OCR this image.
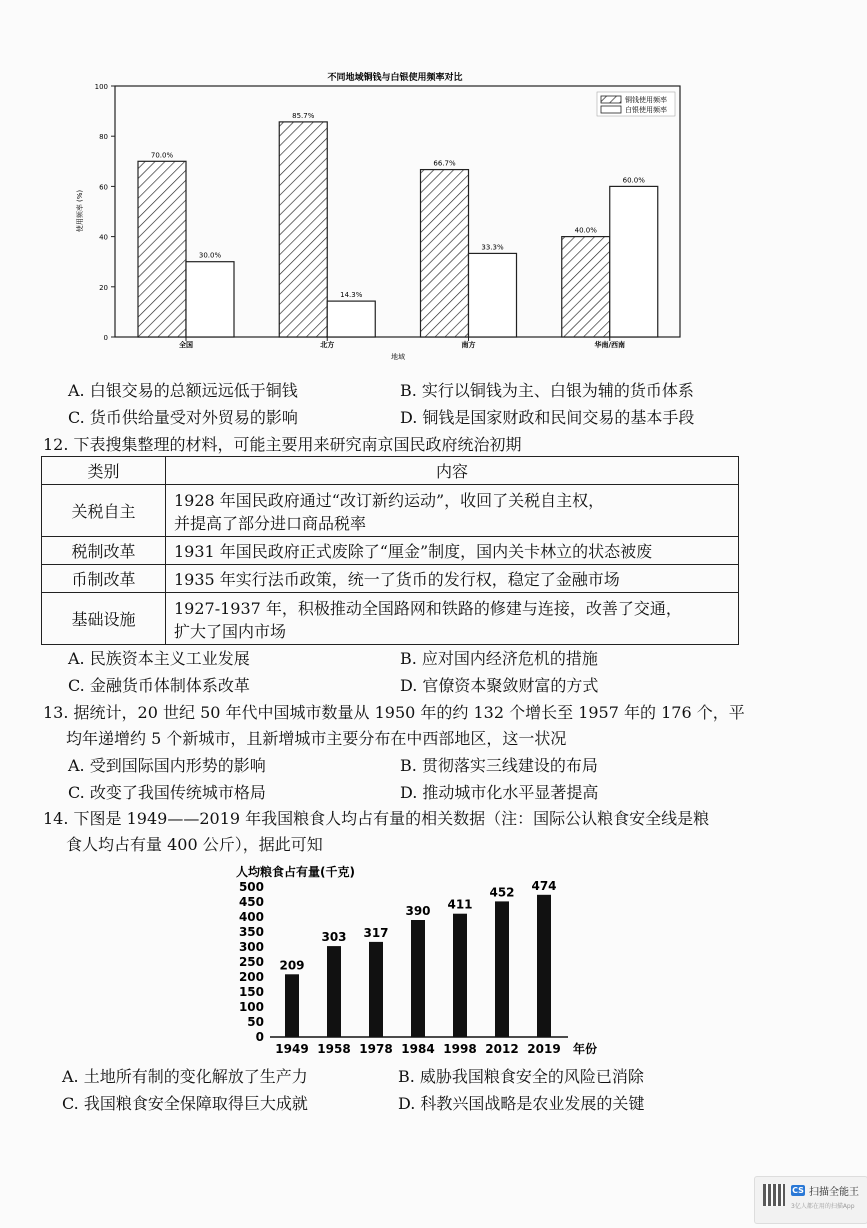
不同地域铜钱与白银使用频率对比
0
20
40
60
80
100
70.0%
30.0%
85.7%
14.3%
66.7%
33.3%
40.0%
60.0%
全国	北方	南方	华南/西南
使用频率 (%)
地域
铜钱使用频率
白银使用频率
A. 白银交易的总额远远低于铜钱	B. 实行以铜钱为主、白银为辅的货币体系
C. 货币供给量受对外贸易的影响	D. 铜钱是国家财政和民间交易的基本手段
12. 下表搜集整理的材料，可能主要用来研究南京国民政府统治初期
类别	内容
关税自主	1928 年国民政府通过“改订新约运动”，收回了关税自主权，
并提高了部分进口商品税率

税制改革	1931 年国民政府正式废除了“厘金”制度，国内关卡林立的状态被废

币制改革	1935 年实行法币政策，统一了货币的发行权，稳定了金融市场

基础设施	1927-1937 年，积极推动全国路网和铁路的修建与连接，改善了交通，
扩大了国内市场
A. 民族资本主义工业发展	B. 应对国内经济危机的措施
C. 金融货币体制体系改革	D. 官僚资本聚敛财富的方式
13. 据统计，20 世纪 50 年代中国城市数量从 1950 年的约 132 个增长至 1957 年的 176 个，平
均年递增约 5 个新城市，且新增城市主要分布在中西部地区，这一状况
A. 受到国际国内形势的影响	B. 贯彻落实三线建设的布局
C. 改变了我国传统城市格局	D. 推动城市化水平显著提高
14. 下图是 1949——2019 年我国粮食人均占有量的相关数据（注：国际公认粮食安全线是粮
食人均占有量 400 公斤），据此可知
人均粮食占有量(千克)
0
50
100
150
200
250
300
350
400
450
500
209
303 317
390 411
452 474
1949 1958 1978 1984 1998 2012 2019 年份
A. 土地所有制的变化解放了生产力	B. 威胁我国粮食安全的风险已消除
C. 我国粮食安全保障取得巨大成就	D. 科教兴国战略是农业发展的关键
CS 扫描全能王
3亿人都在用的扫描App
